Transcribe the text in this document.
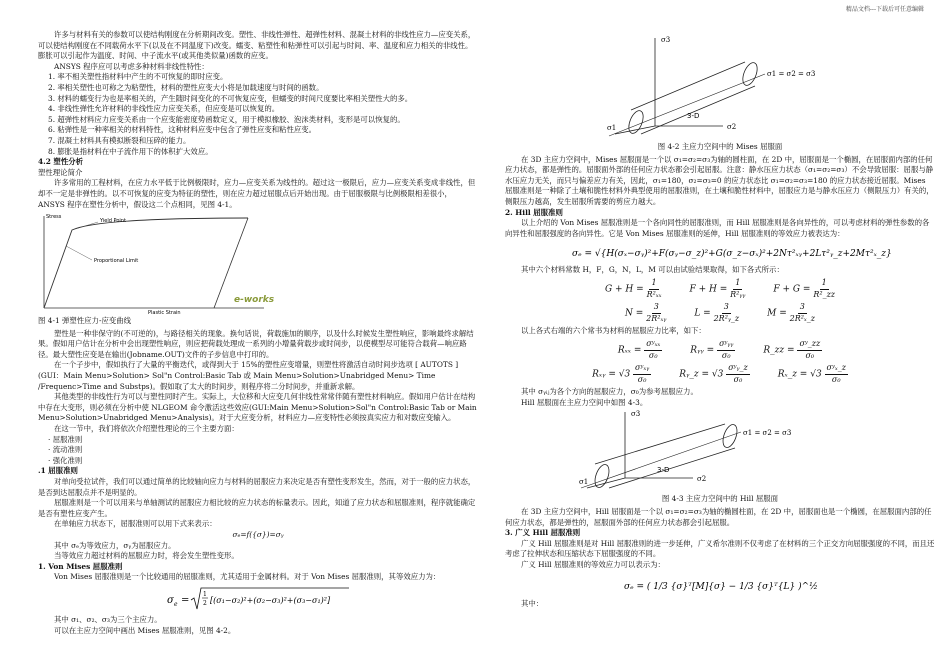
精品文档---下载后可任意编辑

许多与材料有关的参数可以使结构刚度在分析期间改变。塑性、非线性弹性、超弹性材料、混凝土材料的非线性应力—应变关系，可以使结构刚度在不同载荷水平下(以及在不同温度下)改变。蠕变、粘塑性和粘弹性可以引起与时间、率、温度和应力相关的非线性。膨胀可以引起作为温度、时间、中子流水平(或其他类似量)函数的应变。

ANSYS 程序应可以考虑多种材料非线性特性：

1. 率不相关塑性指材料中产生的不可恢复的即时应变。

2. 率相关塑性也可称之为粘塑性，材料的塑性应变大小将是加载速度与时间的函数。

3. 材料的蠕变行为也是率相关的，产生随时间变化的不可恢复应变，但蠕变的时间尺度要比率相关塑性大的多。

4. 非线性弹性允许材料的非线性应力应变关系，但应变是可以恢复的。

5. 超弹性材料应力应变关系由一个应变能密度势函数定义，用于模拟橡胶、泡沫类材料，变形是可以恢复的。

6. 粘弹性是一种率相关的材料特性，这种材料应变中包含了弹性应变和粘性应变。

7. 混凝土材料具有模拟断裂和压碎的能力。

8. 膨胀是指材料在中子流作用下的体积扩大效应。

4.2 塑性分析

塑性理论简介

许多常用的工程材料，在应力水平低于比例极限时，应力—应变关系为线性的。超过这一极限后，应力—应变关系变成非线性，但却不一定是非弹性的。以不可恢复的应变为特征的塑性，则在应力超过屈服点后开始出现。由于屈服极限与比例极限相差很小，ANSYS 程序在塑性分析中，假设这二个点相同，见图 4-1。

Stress
Yield Point
Proportional Limit
Plastic Strain
e-works

图 4-1 弹塑性应力-应变曲线

塑性是一种非保守的(不可逆的)，与路径相关的现象。换句话说，荷载施加的顺序，以及什么时候发生塑性响应，影响最终求解结果。假如用户估计在分析中会出现塑性响应，则应把荷载处理成一系列的小增量荷载步或时间步，以使模型尽可能符合载荷—响应路径。最大塑性应变是在输出(Jobname.OUT)文件的子步信息中打印的。

在一个子步中，假如执行了大量的平衡迭代，或得到大于 15%的塑性应变增量，则塑性将激活自动时间步选项 [ AUTOTS ](GUI：Main Menu>Solution> Sol"n Control:Basic Tab 或 Main Menu>Solution>Unabridged Menu> Time /Frequenc>Time and Substps)。假如取了太大的时间步，则程序将二分时间步，并重新求解。

其他类型的非线性行为可以与塑性同时产生。实际上，大位移和大应变几何非线性常常伴随有塑性材料响应。假如用户估计在结构中存在大变形，则必须在分析中使 NLGEOM 命令激活这些效应(GUI:Main Menu>Solution>Sol"n Control:Basic Tab or Main Menu>Solution>Unabridged Menu>Analysis)。对于大应变分析，材料应力—应变特性必须按真实应力和对数应变输入。

在这一节中，我们将依次介绍塑性理论的三个主要方面：

· 屈服准则

· 流动准则

· 强化准则

.1 屈服准则

对单向受拉试件，我们可以通过简单的比较轴向应力与材料的屈服应力来决定是否有塑性变形发生，然而，对于一般的应力状态，是否到达屈服点并不是明显的。

屈服准则是一个可以用来与单轴测试的屈服应力相比较的应力状态的标量表示。因此，知道了应力状态和屈服准则，程序就能确定是否有塑性应变产生。

在单轴应力状态下，屈服准则可以用下式来表示：

σₑ=f({σ})=σᵧ

其中 σₑ为等效应力，σᵧ为屈服应力。

当等效应力超过材料的屈服应力时，将会发生塑性变形。

1. Von Mises 屈服准则

Von Mises 屈服准则是一个比较通用的屈服准则，尤其适用于金属材料。对于 Von Mises 屈服准则，其等效应力为：

σ e =
1
2 [(σ₁−σ₂)²+(σ₂−σ₃)²+(σ₃−σ₁)²]

其中 σ₁、σ₂、σ₃为三个主应力。

可以在主应力空间中画出 Mises 屈服准则，见图 4-2。

σ3
σ1 = σ2 = σ3
σ2
σ1
3-D

图 4-2 主应力空间中的 Mises 屈服面

在 3D 主应力空间中，Mises 屈服面是一个以 σ₁=σ₂=σ₃为轴的圆柱面，在 2D 中，屈服面是一个椭圆，在屈服面内部的任何应力状态，都是弹性的。屈服面外部的任何应力状态都会引起屈服。注意：静水压应力状态（σ₁=σ₂=σ₃）不会导致屈服：屈服与静水压应力无关，而只与偏差应力有关，因此，σ₁=180，σ₂=σ₃=0 的应力状态比 σ₁=σ₂=σ₃=180 的应力状态接近屈服。Mises 屈服准则是一种除了土壤和脆性材料外典型使用的屈服准则，在土壤和脆性材料中，屈服应力是与静水压应力（侧限压力）有关的，侧限压力越高，发生屈服所需要的剪应力越大。

2. Hill 屈服准则

以上介绍的 Von Mises 屈服准则是一个各向同性的屈服准则，而 Hill 屈服准则是各向异性的，可以考虑材料的弹性参数的各向异性和屈服强度的各向异性。它是 Von Mises 屈服准则的延伸，Hill 屈服准则的等效应力被表达为：

σₑ = √{H(σₓ−σᵧ)²+F(σᵧ−σ_z)²+G(σ_z−σₓ)²+2Nτ²ₓᵧ+2Lτ²ᵧ_z+2Mτ²ₓ_z}

其中六个材料常数 H，F，G，N，L，M 可以由试验结果取得，如下各式所示：

$G + H = \frac{1}{\text{R²ₓₓ}}$	$F + H = \frac{1}{\text{R²ᵧᵧ}}$	$F + G = \frac{1}{\text{R²\_zz}}$
$N = \frac{3}{\text{2R²ₓᵧ}}$	$L = \frac{3}{\text{2R²ᵧ\_z}}$	$M = \frac{3}{\text{2R²ₓ\_z}}$

以上各式右端的六个常书为材料的屈服应力比率，如下：

$R_{xx} = \frac{\text{σʸₓₓ}}{\text{σ₀}}$	Rᵧᵧ = $\frac{\text{σʸᵧᵧ}}{\text{σ₀}}$	R_zz = $\frac{\text{σʸ\_zz}}{\text{σ₀}}$
Rₓᵧ = $√3 \frac{\text{σʸₓᵧ}}{\text{σ₀}}$	Rᵧ_z = $√3 \frac{\text{σʸᵧ\_z}}{\text{σ₀}}$	Rₓ_z = $√3 \frac{\text{σʸₓ\_z}}{\text{σ₀}}$

其中 σᵧᵢⱼ为各个方向的屈服应力，σ₀为参考屈服应力。

Hill 屈服面在主应力空间中如图 4-3。

σ3
σ1 = σ2 = σ3
σ2
σ1
3-D

图 4-3 主应力空间中的 Hill 屈服面

在 3D 主应力空间中，Hill 屈服面是一个以 σ₁=σ₂=σ₃为轴的椭圆柱面，在 2D 中，屈服面也是一个椭圆，在屈服面内部的任何应力状态，都是弹性的，屈服面外部的任何应力状态都会引起屈服。

3. 广义 Hill 屈服准则

广义 Hill 屈服准则是对 Hill 屈服准则的进一步延伸，广义希尔准则不仅考虑了在材料的三个正交方向屈服强度的不同，而且还考虑了拉伸状态和压缩状态下屈服强度的不同。

广义 Hill 屈服准则的等效应力可以表示为：

σₑ = ( 1/3 {σ}ᵀ[M]{σ} − 1/3 {σ}ᵀ{L} )^½

其中：
